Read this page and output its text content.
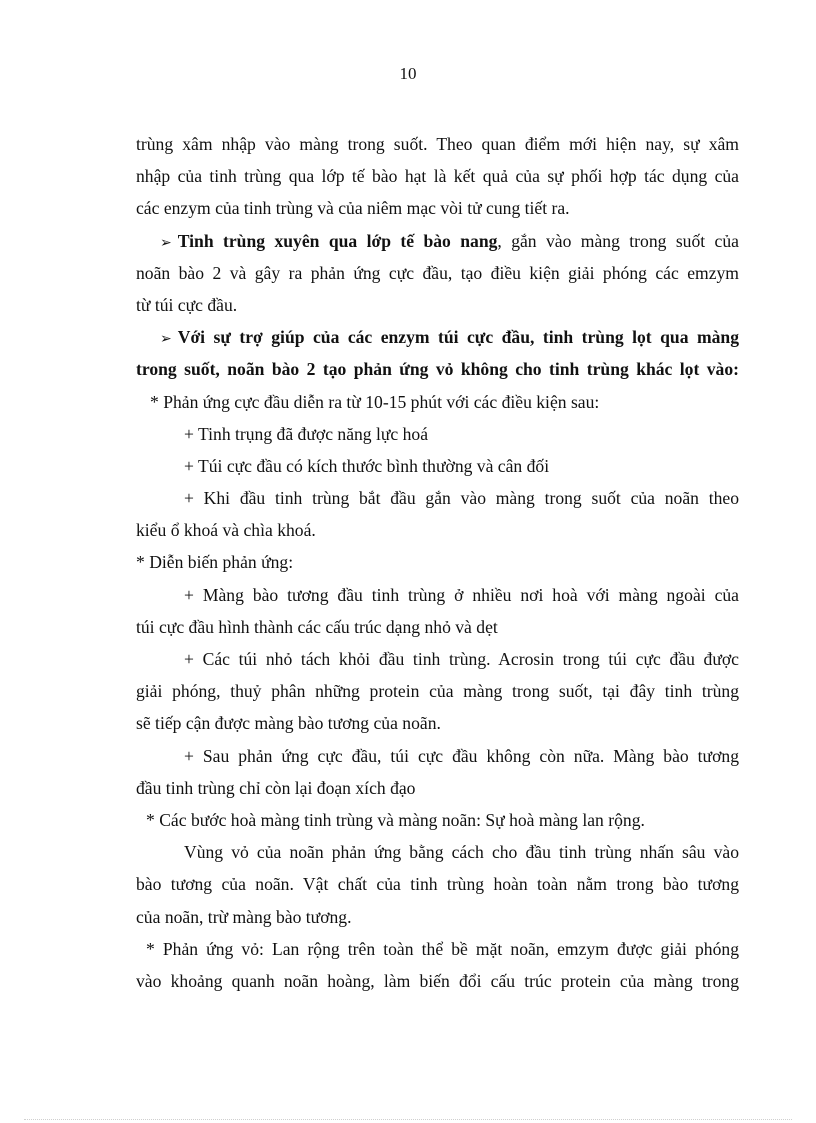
10
trùng xâm nhập vào màng trong suốt. Theo quan điểm mới hiện nay, sự xâm
nhập của tinh trùng qua lớp tế bào hạt là kết quả của sự phối hợp tác dụng của
các enzym của tinh trùng và của niêm mạc vòi tử cung tiết ra.
➢ Tinh trùng xuyên qua lớp tế bào nang, gắn vào màng trong suốt của
noãn bào 2 và gây ra phản ứng cực đầu, tạo điều kiện giải phóng các emzym
từ túi cực đầu.
➢ Với sự trợ giúp của các enzym túi cực đầu, tinh trùng lọt qua màng
trong suốt, noãn bào 2 tạo phản ứng vỏ không cho tinh trùng khác lọt vào:
* Phản ứng cực đầu diễn ra từ 10-15 phút với các điều kiện sau:
+ Tinh trụng đã được năng lực hoá
+ Túi cực đầu có kích thước bình thường và cân đối
+ Khi đầu tinh trùng bắt đầu gắn vào màng trong suốt của noãn theo
kiểu ổ khoá và chìa khoá.
* Diễn biến phản ứng:
+ Màng bào tương đầu tinh trùng ở nhiều nơi hoà với màng ngoài của
túi cực đầu hình thành các cấu trúc dạng nhỏ và dẹt
+ Các túi nhỏ tách khỏi đầu tinh trùng. Acrosin trong túi cực đầu được
giải phóng, thuỷ phân những protein của màng trong suốt, tại đây tinh trùng
sẽ tiếp cận được màng bào tương của noãn.
+ Sau phản ứng cực đầu, túi cực đầu không còn nữa. Màng bào tương
đầu tinh trùng chỉ còn lại đoạn xích đạo
* Các bước hoà màng tinh trùng và màng noãn: Sự hoà màng lan rộng.
Vùng vỏ của noãn phản ứng bằng cách cho đầu tinh trùng nhấn sâu vào
bào tương của noãn. Vật chất của tinh trùng hoàn toàn nằm trong bào tương
của noãn, trừ màng bào tương.
* Phản ứng vỏ: Lan rộng trên toàn thể bề mặt noãn, emzym được giải phóng
vào khoảng quanh noãn hoàng, làm biến đổi cấu trúc protein của màng trong
